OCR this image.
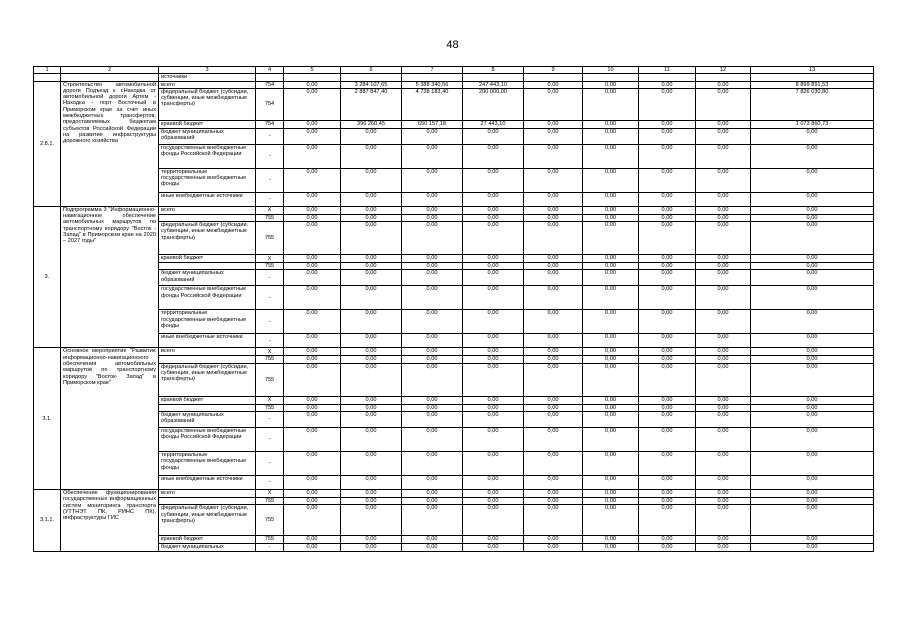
48
1	2	3	4	5	6	7	8	9	10	11	12	13
		источники										
2.8.1.	Строительство автомобильной дороги Подъезд к г.Находка от автомобильной дороги Артем - Находка - порт Восточный в Приморском крае за счет иных межбюджетных трансфертов, предоставляемых бюджетам субъектов Российской Федерации на развитие инфраструктуры дорожного хозяйства	всего	754	0,00	3 284 107,65	5 388 340,56	247 443,10	0,00	0,00	0,00	0,00	8 899 891,53
		федеральный бюджет (субсидии, субвенции, иные межбюджетные трансферты)	754	0,00	2 887 847,40	4 738 183,40	200 000,00	0,00	0,00	0,00	0,00	7 826 030,80
		краевой бюджет	754	0,00	396 260,45	650 157,18	27 443,10	0,00	0,00	0,00	0,00	1 073 860,73
		бюджет муниципальных образований	-	0,00	0,00	0,00	0,00	0,00	0,00	0,00	0,00	0,00
		государственные внебюджетные фонды Российской Федерации	-	0,00	0,00	0,00	0,00	0,00	0,00	0,00	0,00	0,00
		территориальные государственные внебюджетные фонды	-	0,00	0,00	0,00	0,00	0,00	0,00	0,00	0,00	0,00
		иные внебюджетные источники	-	0,00	0,00	0,00	0,00	0,00	0,00	0,00	0,00	0,00
3.	Подпрограмма 3 "Информационно-навигационное обеспечение автомобильных маршрутов по транспортному коридору "Восток - Запад" в Приморском крае на 2020 – 2027 годы"	всего	X	0,00	0,00	0,00	0,00	0,00	0,00	0,00	0,00	0,00
			755	0,00	0,00	0,00	0,00	0,00	0,00	0,00	0,00	0,00
		федеральный бюджет (субсидии, субвенции, иные межбюджетные трансферты)	755	0,00	0,00	0,00	0,00	0,00	0,00	0,00	0,00	0,00
		краевой бюджет	X	0,00	0,00	0,00	0,00	0,00	0,00	0,00	0,00	0,00
			755	0,00	0,00	0,00	0,00	0,00	0,00	0,00	0,00	0,00
		бюджет муниципальных образований	-	0,00	0,00	0,00	0,00	0,00	0,00	0,00	0,00	0,00
		государственные внебюджетные фонды Российской Федерации	-	0,00	0,00	0,00	0,00	0,00	0,00	0,00	0,00	0,00
		территориальные государственные внебюджетные фонды	-	0,00	0,00	0,00	0,00	0,00	0,00	0,00	0,00	0,00
		иные внебюджетные источники	-	0,00	0,00	0,00	0,00	0,00	0,00	0,00	0,00	0,00
3.1.	Основное мероприятие "Развитие информационно-навигационного обеспечения автомобильных маршрутов по транспортному коридору "Восток- Запад" в Приморском крае"	всего	X	0,00	0,00	0,00	0,00	0,00	0,00	0,00	0,00	0,00
			755	0,00	0,00	0,00	0,00	0,00	0,00	0,00	0,00	0,00
		федеральный бюджет (субсидии, субвенции, иные межбюджетные трансферты)	755	0,00	0,00	0,00	0,00	0,00	0,00	0,00	0,00	0,00
		краевой бюджет	X	0,00	0,00	0,00	0,00	0,00	0,00	0,00	0,00	0,00
			755	0,00	0,00	0,00	0,00	0,00	0,00	0,00	0,00	0,00
		бюджет муниципальных образований	-	0,00	0,00	0,00	0,00	0,00	0,00	0,00	0,00	0,00
		государственные внебюджетные фонды Российской Федерации	-	0,00	0,00	0,00	0,00	0,00	0,00	0,00	0,00	0,00
		территориальные государственные внебюджетные фонды	-	0,00	0,00	0,00	0,00	0,00	0,00	0,00	0,00	0,00
		иные внебюджетные источники	-	0,00	0,00	0,00	0,00	0,00	0,00	0,00	0,00	0,00
3.1.1.	Обеспечение функционирования государственных информационных систем мониторинга транспорта (УТТНЭТ ПК, РИНС ПК), инфраструктуры ГИС	всего	X	0,00	0,00	0,00	0,00	0,00	0,00	0,00	0,00	0,00
			755	0,00	0,00	0,00	0,00	0,00	0,00	0,00	0,00	0,00
		федеральный бюджет (субсидии, субвенции, иные межбюджетные трансферты)	755	0,00	0,00	0,00	0,00	0,00	0,00	0,00	0,00	0,00
		краевой бюджет	755	0,00	0,00	0,00	0,00	0,00	0,00	0,00	0,00	0,00
		бюджет муниципальных	-	0,00	0,00	0,00	0,00	0,00	0,00	0,00	0,00	0,00
